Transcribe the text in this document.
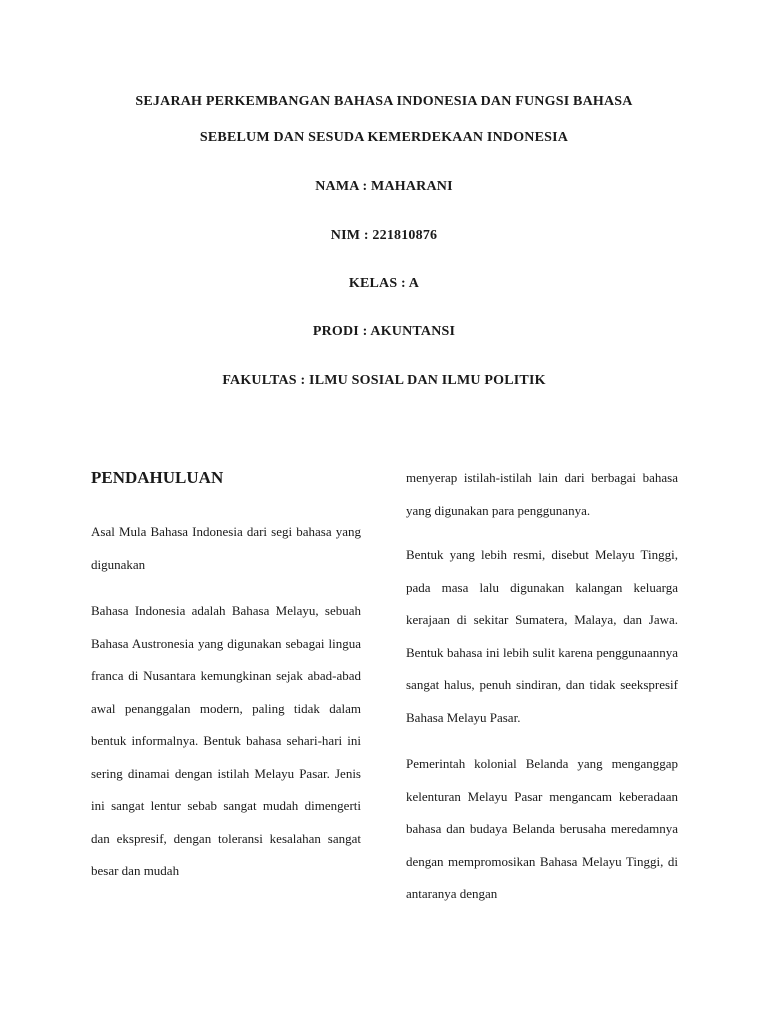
SEJARAH PERKEMBANGAN BAHASA INDONESIA DAN FUNGSI BAHASA
SEBELUM DAN SESUDA KEMERDEKAAN INDONESIA
NAMA : MAHARANI
NIM : 221810876
KELAS : A
PRODI : AKUNTANSI
FAKULTAS : ILMU SOSIAL DAN ILMU POLITIK
PENDAHULUAN
Asal Mula Bahasa Indonesia dari segi bahasa yang digunakan
Bahasa Indonesia adalah Bahasa Melayu, sebuah Bahasa Austronesia yang digunakan sebagai lingua franca di Nusantara kemungkinan sejak abad-abad awal penanggalan modern, paling tidak dalam bentuk informalnya. Bentuk bahasa sehari-hari ini sering dinamai dengan istilah Melayu Pasar. Jenis ini sangat lentur sebab sangat mudah dimengerti dan ekspresif, dengan toleransi kesalahan sangat besar dan mudah
menyerap istilah-istilah lain dari berbagai bahasa yang digunakan para penggunanya.
Bentuk yang lebih resmi, disebut Melayu Tinggi, pada masa lalu digunakan kalangan keluarga kerajaan di sekitar Sumatera, Malaya, dan Jawa. Bentuk bahasa ini lebih sulit karena penggunaannya sangat halus, penuh sindiran, dan tidak seekspresif Bahasa Melayu Pasar.
Pemerintah kolonial Belanda yang menganggap kelenturan Melayu Pasar mengancam keberadaan bahasa dan budaya Belanda berusaha meredamnya dengan mempromosikan Bahasa Melayu Tinggi, di antaranya dengan
